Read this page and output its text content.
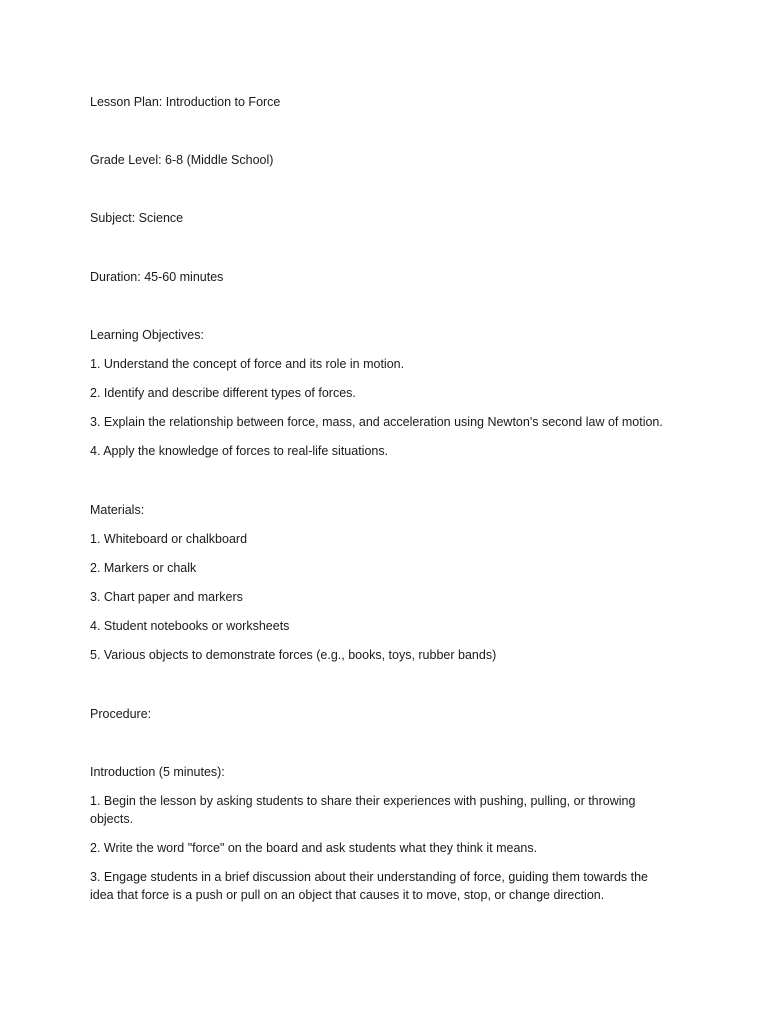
Lesson Plan: Introduction to Force
Grade Level: 6-8 (Middle School)
Subject: Science
Duration: 45-60 minutes
Learning Objectives:
1. Understand the concept of force and its role in motion.
2. Identify and describe different types of forces.
3. Explain the relationship between force, mass, and acceleration using Newton's second law of motion.
4. Apply the knowledge of forces to real-life situations.
Materials:
1. Whiteboard or chalkboard
2. Markers or chalk
3. Chart paper and markers
4. Student notebooks or worksheets
5. Various objects to demonstrate forces (e.g., books, toys, rubber bands)
Procedure:
Introduction (5 minutes):
1. Begin the lesson by asking students to share their experiences with pushing, pulling, or throwing objects.
2. Write the word "force" on the board and ask students what they think it means.
3. Engage students in a brief discussion about their understanding of force, guiding them towards the idea that force is a push or pull on an object that causes it to move, stop, or change direction.
